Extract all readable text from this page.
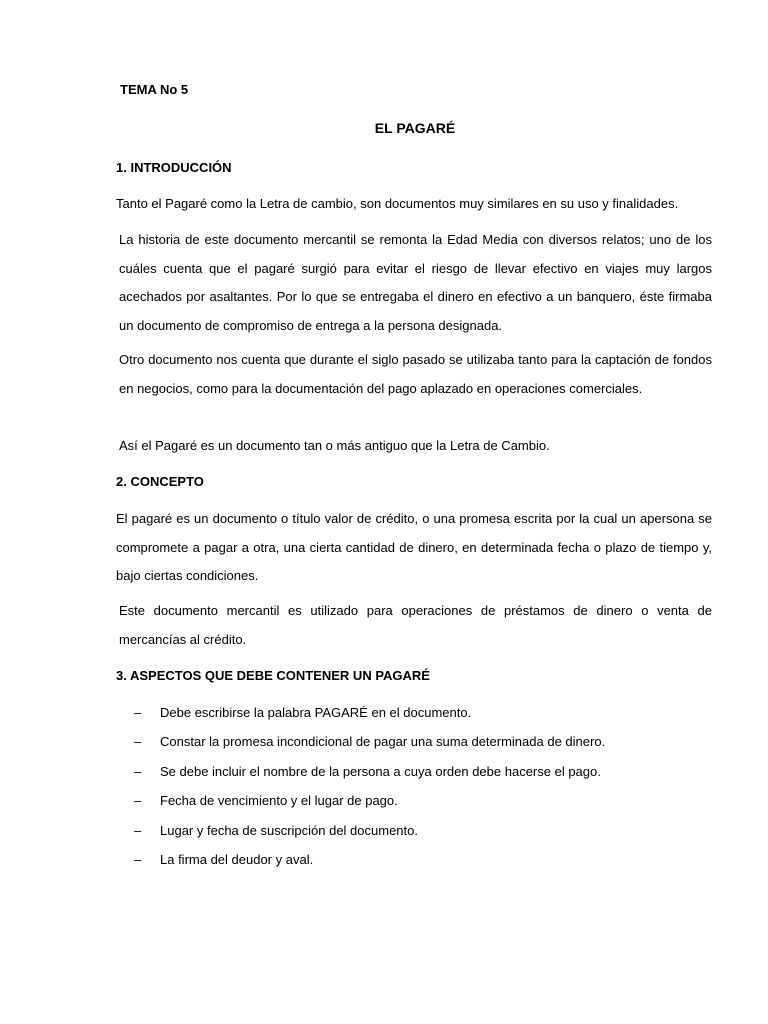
TEMA No 5
EL PAGARÉ
1. INTRODUCCIÓN
Tanto el Pagaré como la Letra de cambio, son documentos muy similares en su uso y finalidades.
La historia de este documento mercantil se remonta la Edad Media con diversos relatos; uno de los cuáles cuenta que el pagaré surgió para evitar el riesgo de llevar efectivo en viajes muy largos acechados por asaltantes. Por lo que se entregaba el dinero en efectivo a un banquero, éste firmaba un documento de compromiso de entrega a la persona designada.
Otro documento nos cuenta que durante el siglo pasado se utilizaba tanto para la captación de fondos en negocios, como para la documentación del pago aplazado en operaciones comerciales.
Así el Pagaré es un documento tan o más antiguo que la Letra de Cambio.
2. CONCEPTO
El pagaré es un documento o título valor de crédito, o una promesa escrita por la cual un apersona se compromete a pagar a otra, una cierta cantidad de dinero, en determinada fecha o plazo de tiempo y, bajo ciertas condiciones.
Este documento mercantil es utilizado para operaciones de préstamos de dinero o venta de mercancías al crédito.
3. ASPECTOS QUE DEBE CONTENER UN PAGARÉ
–	Debe escribirse la palabra PAGARÉ en el documento.
–	Constar la promesa incondicional de pagar una suma determinada de dinero.
–	Se debe incluir el nombre de la persona a cuya orden debe hacerse el pago.
–	Fecha de vencimiento y el lugar de pago.
–	Lugar y fecha de suscripción del documento.
–	La firma del deudor y aval.
